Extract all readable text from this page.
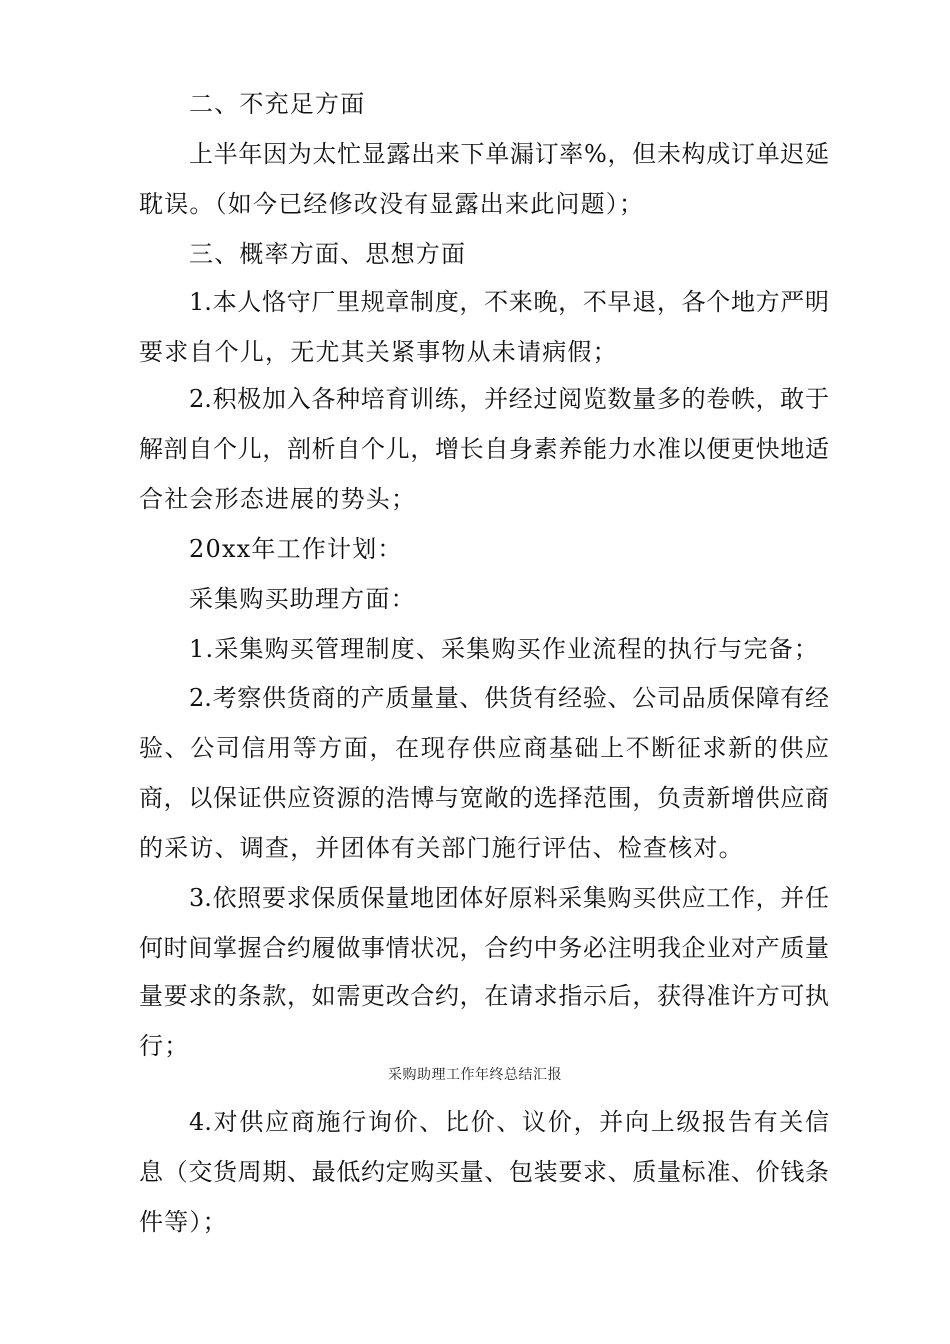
二、不充足方面
上半年因为太忙显露出来下单漏订率%，但未构成订单迟延
耽误。（如今已经修改没有显露出来此问题）；
三、概率方面、思想方面
1.本人恪守厂里规章制度，不来晚，不早退，各个地方严明
要求自个儿，无尤其关紧事物从未请病假；
2.积极加入各种培育训练，并经过阅览数量多的卷帙，敢于
解剖自个儿，剖析自个儿，增长自身素养能力水准以便更快地适
合社会形态进展的势头；
20xx年工作计划：
采集购买助理方面：
1.采集购买管理制度、采集购买作业流程的执行与完备；
2.考察供货商的产质量量、供货有经验、公司品质保障有经
验、公司信用等方面，在现存供应商基础上不断征求新的供应
商，以保证供应资源的浩博与宽敞的选择范围，负责新增供应商
的采访、调查，并团体有关部门施行评估、检查核对。
3.依照要求保质保量地团体好原料采集购买供应工作，并任
何时间掌握合约履做事情状况，合约中务必注明我企业对产质量
量要求的条款，如需更改合约，在请求指示后，获得准许方可执
行；
4.对供应商施行询价、比价、议价，并向上级报告有关信
息（交货周期、最低约定购买量、包装要求、质量标准、价钱条
件等）；
采购助理工作年终总结汇报
